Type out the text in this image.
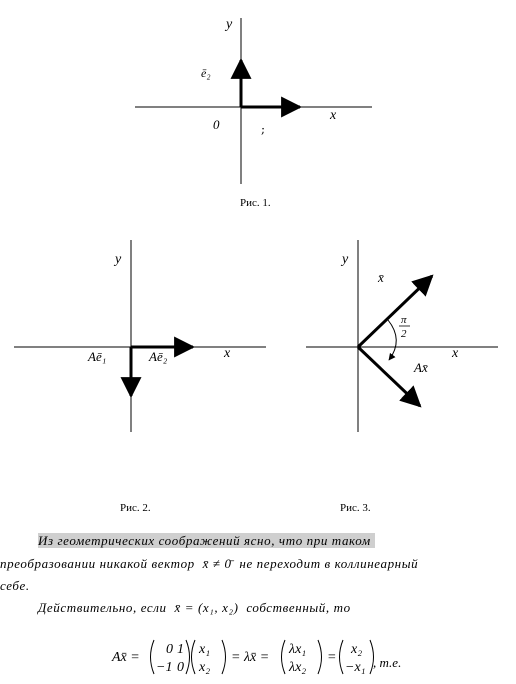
y
x
0
ē₂
;
Рис. 1.
y
x
Aē₁	Aē₂
Рис. 2.
y
x
x̄
Ax̄
π
2
Рис. 3.
Из геометрических соображений ясно, что при таком
преобразовании никакой вектор x̄ ≠ 0̄ не переходит в коллинеарный
себе.
Действительно, если x̄ = (x₁, x₂) собственный, то
Ax̄ =
0 1
−1 0
x₁
x₂
= λx̄ =
λx₁
λx₂
=
x₂
−x₁ , т.е.
